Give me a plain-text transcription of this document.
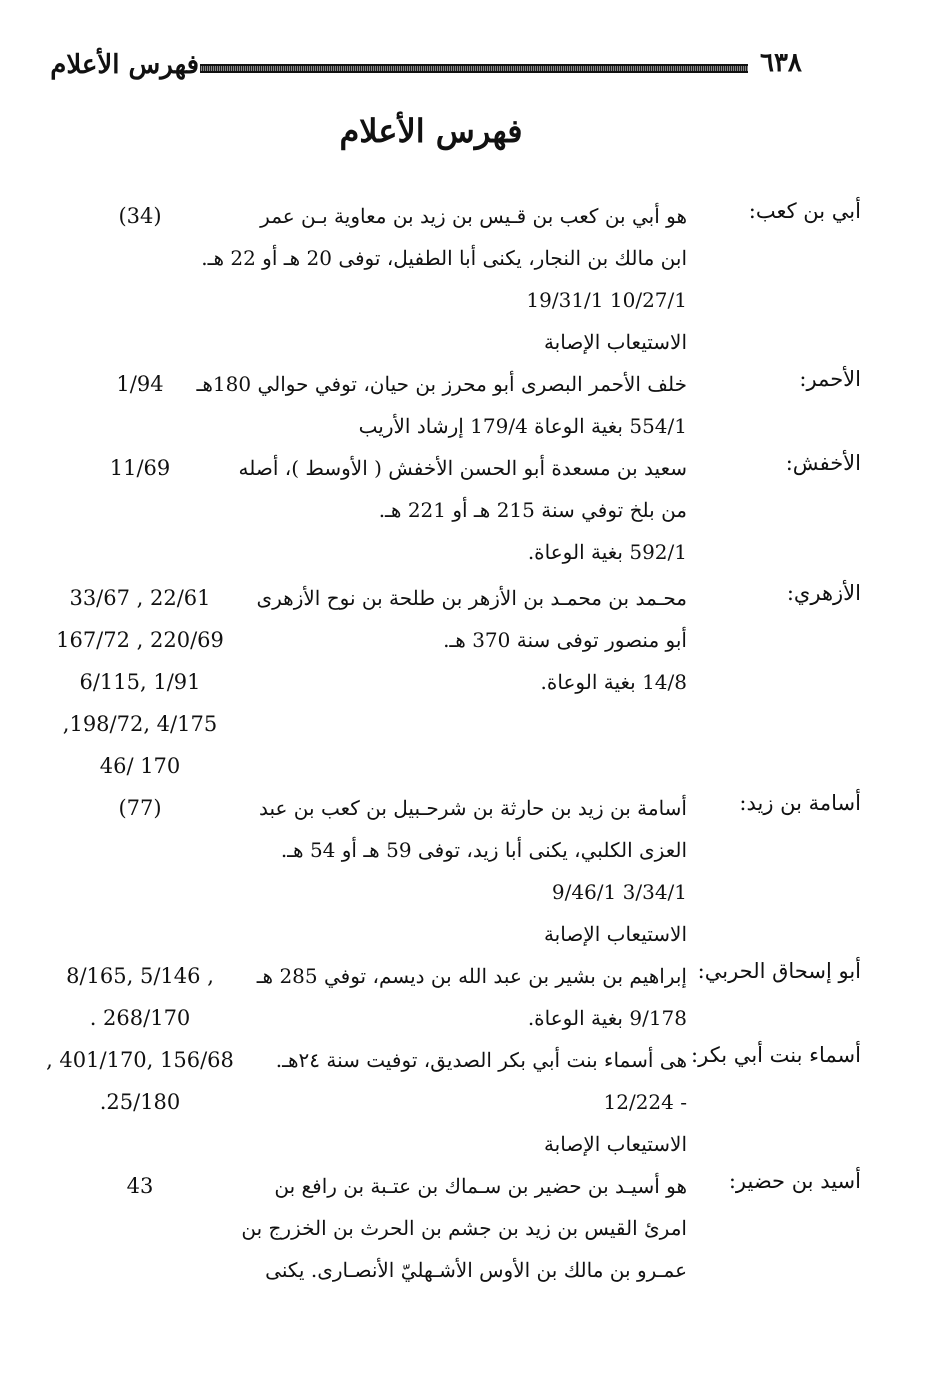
٦٣٨
فهرس الأعلام
فهرس الأعلام
أبي بن كعب:
هو أبي بن كعب بن قـيس بن زيد بن معاوية بـن عمر
ابن مالك بن النجار، يكنى أبا الطفيل، توفى 20 هـ أو 22 هـ.
10/27/1 19/31/1
الاستيعاب الإصابة
(34)
الأحمر:
خلف الأحمر البصرى أبو محرز بن حيان، توفي حوالي 180هـ
554/1 بغية الوعاة 179/4 إرشاد الأريب
1/94
الأخفش:
سعيد بن مسعدة أبو الحسن الأخفش ( الأوسط )، أصله
من بلخ توفي سنة 215 هـ أو 221 هـ.
592/1 بغية الوعاة.
11/69
الأزهري:
محـمد بن محمـد بن الأزهر بن طلحة بن نوح الأزهرى
أبو منصور توفى سنة 370 هـ.
14/8 بغية الوعاة.
33/67 , 22/61
167/72 , 220/69
6/115, 1/91
,198/72, 4/175
46/ 170
أسامة بن زيد:
أسامة بن زيد بن حارثة بن شرحـبيل بن كعب بن عبد
العزى الكلبي، يكنى أبا زيد، توفى 59 هـ أو 54 هـ.
3/34/1 9/46/1
الاستيعاب الإصابة
(77)
أبو إسحاق الحربي:
إبراهيم بن بشير بن عبد الله بن ديسم، توفي 285 هـ
9/178 بغية الوعاة.
8/165, 5/146 ,
. 268/170
أسماء بنت أبي بكر:
هى أسماء بنت أبي بكر الصديق، توفيت سنة ٢٤هـ.
- 12/224
الاستيعاب الإصابة
, 401/170, 156/68
.25/180
أسيد بن حضير:
هو أسيـد بن حضير بن سـماك بن عتـبة بن رافع بن
امرئ القيس بن زيد بن جشم بن الحرث بن الخزرج بن
عمـرو بن مالك بن الأوس الأشـهليّ الأنصـارى. يكنى
43
